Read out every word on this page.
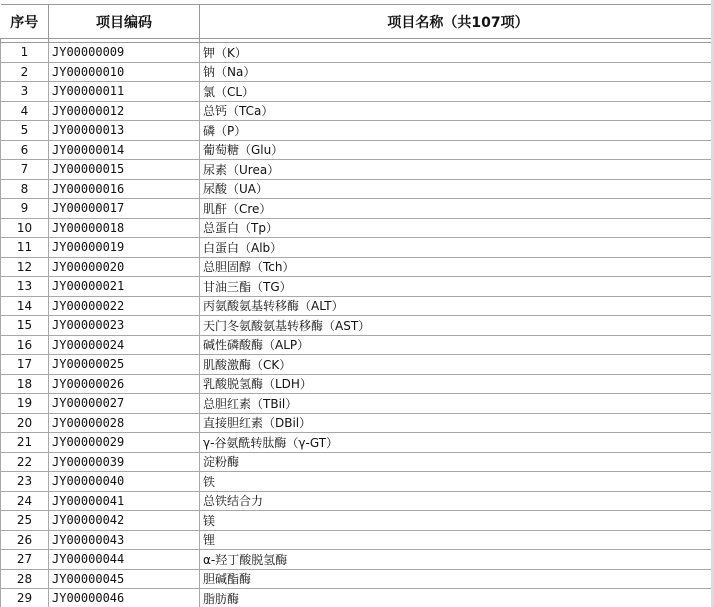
序号	项目编码	项目名称（共107项）

1	JY00000009	钾（K）
2	JY00000010	钠（Na）
3	JY00000011	氯（CL）
4	JY00000012	总钙（TCa）
5	JY00000013	磷（P）
6	JY00000014	葡萄糖（Glu）
7	JY00000015	尿素（Urea）
8	JY00000016	尿酸（UA）
9	JY00000017	肌酐（Cre）
10	JY00000018	总蛋白（Tp）
11	JY00000019	白蛋白（Alb）
12	JY00000020	总胆固醇（Tch）
13	JY00000021	甘油三酯（TG）
14	JY00000022	丙氨酸氨基转移酶（ALT）
15	JY00000023	天门冬氨酸氨基转移酶（AST）
16	JY00000024	碱性磷酸酶（ALP）
17	JY00000025	肌酸激酶（CK）
18	JY00000026	乳酸脱氢酶（LDH）
19	JY00000027	总胆红素（TBil）
20	JY00000028	直接胆红素（DBil）
21	JY00000029	γ-谷氨酰转肽酶（γ-GT）
22	JY00000039	淀粉酶
23	JY00000040	铁
24	JY00000041	总铁结合力
25	JY00000042	镁
26	JY00000043	锂
27	JY00000044	α-羟丁酸脱氢酶
28	JY00000045	胆碱酯酶
29	JY00000046	脂肪酶
